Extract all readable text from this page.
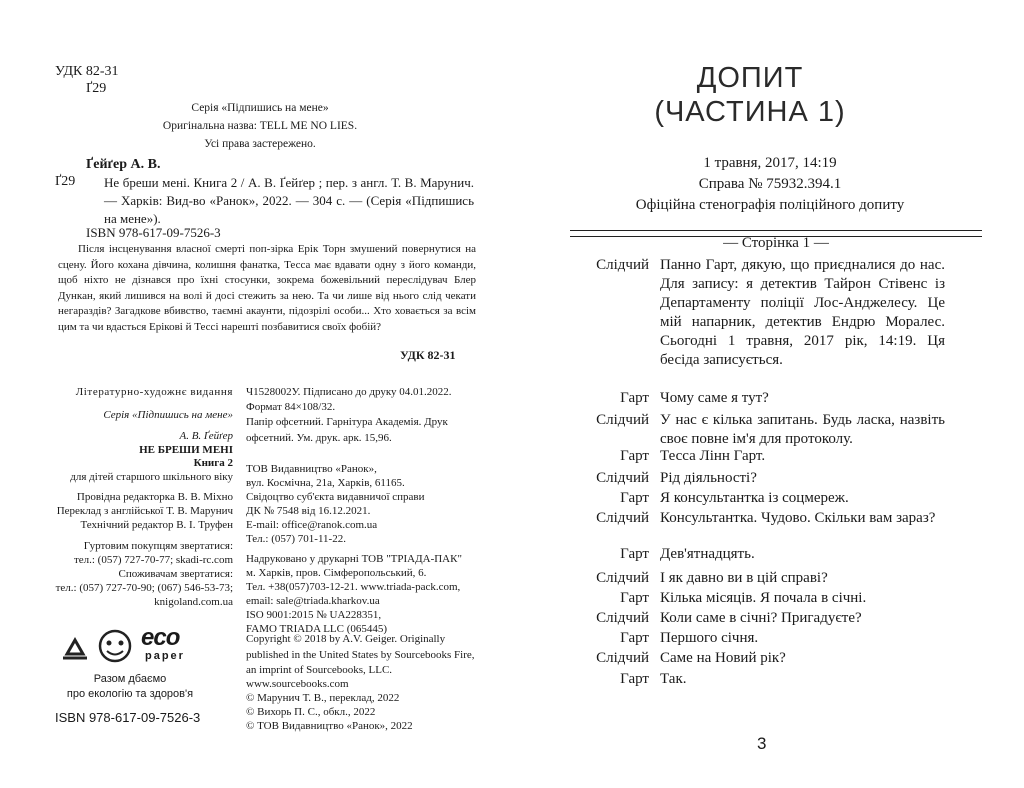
УДК 82-31
Ґ29
Серія «Підпишись на мене»
Оригінальна назва: TELL ME NO LIES.
Усі права застережено.
Ґейґер А. В.
Ґ29 Не бреши мені. Книга 2 / А. В. Ґейґер ; пер. з англ. Т. В. Марунич. — Харків: Вид-во «Ранок», 2022. — 304 с. — (Серія «Підпишись на мене»).
ISBN 978-617-09-7526-3
Після інсценування власної смерті поп-зірка Ерік Торн змушений повернутися на сцену. Його кохана дівчина, колишня фанатка, Тесса має вдавати одну з його команди, щоб ніхто не дізнався про їхні стосунки, зокрема божевільний переслідувач Блер Дункан, який лишився на волі й досі стежить за нею. Та чи лише від нього слід чекати негараздів? Загадкове вбивство, таємні акаунти, підозрілі особи... Хто ховається за всім цим та чи вдасться Ерікові й Тессі нарешті позбавитися своїх фобій?
УДК 82-31
Літературно-художнє видання
Серія «Підпишись на мене»
А. В. Ґейґер
НЕ БРЕШИ МЕНІ
Книга 2
для дітей старшого шкільного віку
Провідна редакторка В. В. Міхно
Переклад з англійської Т. В. Марунич
Технічний редактор В. І. Труфен
Гуртовим покупцям звертатися:
тел.: (057) 727-70-77; skadi-rc.com
Споживачам звертатися:
тел.: (057) 727-70-90; (067) 546-53-73;
knigoland.com.ua
Ч1528002У. Підписано до друку 04.01.2022.
Формат 84×108/32.
Папір офсетний. Гарнітура Академія. Друк офсетний. Ум. друк. арк. 15,96.
ТОВ Видавництво «Ранок»,
вул. Космічна, 21а, Харків, 61165.
Свідоцтво суб'єкта видавничої справи
ДК № 7548 від 16.12.2021.
E-mail: office@ranok.com.ua
Тел.: (057) 701-11-22.
Надруковано у друкарні ТОВ "ТРІАДА-ПАК"
м. Харків, пров. Сімферопольський, 6.
Тел. +38(057)703-12-21. www.triada-pack.com,
email: sale@triada.kharkov.ua
ISO 9001:2015 № UA228351,
FAMO TRIADA LLC (065445)
Copyright © 2018 by A.V. Geiger. Originally published in the United States by Sourcebooks Fire, an imprint of Sourcebooks, LLC.
www.sourcebooks.com
© Марунич Т. В., переклад, 2022
© Вихорь П. С., обкл., 2022
© ТОВ Видавництво «Ранок», 2022
eco
paper
Разом дбаємо
про екологію та здоров'я
ISBN 978-617-09-7526-3
ДОПИТ
(ЧАСТИНА 1)
1 травня, 2017, 14:19
Справа № 75932.394.1
Офіційна стенографія поліційного допиту
— Сторінка 1 —
Слідчий Панно Гарт, дякую, що приєдналися до нас. Для запису: я детектив Тайрон Стівенс із Департаменту поліції Лос-Анджелесу. Це мій напарник, детектив Ендрю Моралес. Сьогодні 1 травня, 2017 рік, 14:19. Ця бесіда записується.
Гарт Чому саме я тут?
Слідчий У нас є кілька запитань. Будь ласка, назвіть своє повне ім'я для протоколу.
Гарт Тесса Лінн Гарт.
Слідчий Рід діяльності?
Гарт Я консультантка із соцмереж.
Слідчий Консультантка. Чудово. Скільки вам зараз?
Гарт Дев'ятнадцять.
Слідчий І як давно ви в цій справі?
Гарт Кілька місяців. Я почала в січні.
Слідчий Коли саме в січні? Пригадуєте?
Гарт Першого січня.
Слідчий Саме на Новий рік?
Гарт Так.
3
